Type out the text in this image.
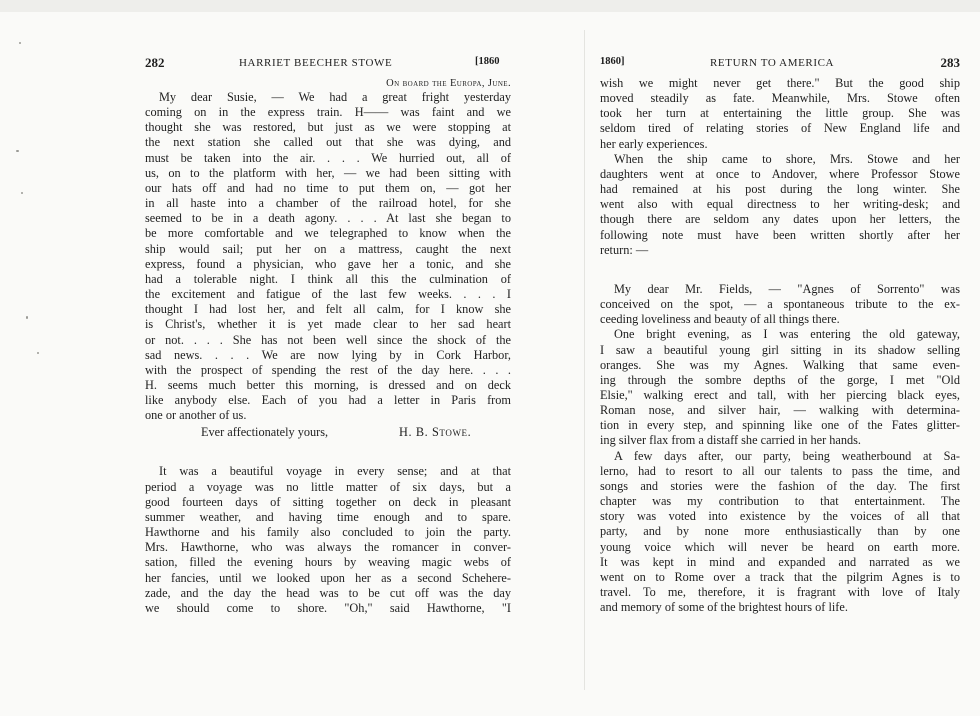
282	HARRIET BEECHER STOWE	[1860
On board the Europa, June.
My dear Susie, — We had a great fright yesterday
coming on in the express train. H—— was faint and we
thought she was restored, but just as we were stopping at
the next station she called out that she was dying, and
must be taken into the air. . . . We hurried out, all of
us, on to the platform with her, — we had been sitting with
our hats off and had no time to put them on, — got her
in all haste into a chamber of the railroad hotel, for she
seemed to be in a death agony. . . . At last she began to
be more comfortable and we telegraphed to know when the
ship would sail; put her on a mattress, caught the next
express, found a physician, who gave her a tonic, and she
had a tolerable night. I think all this the culmination of
the excitement and fatigue of the last few weeks. . . . I
thought I had lost her, and felt all calm, for I know she
is Christ's, whether it is yet made clear to her sad heart
or not. . . . She has not been well since the shock of the
sad news. . . . We are now lying by in Cork Harbor,
with the prospect of spending the rest of the day here. . . .
H. seems much better this morning, is dressed and on deck
like anybody else. Each of you had a letter in Paris from
one or another of us.
Ever affectionately yours,	H. B. Stowe.
It was a beautiful voyage in every sense; and at that
period a voyage was no little matter of six days, but a
good fourteen days of sitting together on deck in pleasant
summer weather, and having time enough and to spare.
Hawthorne and his family also concluded to join the party.
Mrs. Hawthorne, who was always the romancer in conver-
sation, filled the evening hours by weaving magic webs of
her fancies, until we looked upon her as a second Schehere-
zade, and the day the head was to be cut off was the day
we should come to shore. "Oh," said Hawthorne, "I
1860]	RETURN TO AMERICA	283
wish we might never get there." But the good ship
moved steadily as fate. Meanwhile, Mrs. Stowe often
took her turn at entertaining the little group. She was
seldom tired of relating stories of New England life and
her early experiences.
When the ship came to shore, Mrs. Stowe and her
daughters went at once to Andover, where Professor Stowe
had remained at his post during the long winter. She
went also with equal directness to her writing-desk; and
though there are seldom any dates upon her letters, the
following note must have been written shortly after her
return: —
My dear Mr. Fields, — "Agnes of Sorrento" was
conceived on the spot, — a spontaneous tribute to the ex-
ceeding loveliness and beauty of all things there.
One bright evening, as I was entering the old gateway,
I saw a beautiful young girl sitting in its shadow selling
oranges. She was my Agnes. Walking that same even-
ing through the sombre depths of the gorge, I met "Old
Elsie," walking erect and tall, with her piercing black eyes,
Roman nose, and silver hair, — walking with determina-
tion in every step, and spinning like one of the Fates glitter-
ing silver flax from a distaff she carried in her hands.
A few days after, our party, being weatherbound at Sa-
lerno, had to resort to all our talents to pass the time, and
songs and stories were the fashion of the day. The first
chapter was my contribution to that entertainment. The
story was voted into existence by the voices of all that
party, and by none more enthusiastically than by one
young voice which will never be heard on earth more.
It was kept in mind and expanded and narrated as we
went on to Rome over a track that the pilgrim Agnes is to
travel. To me, therefore, it is fragrant with love of Italy
and memory of some of the brightest hours of life.
